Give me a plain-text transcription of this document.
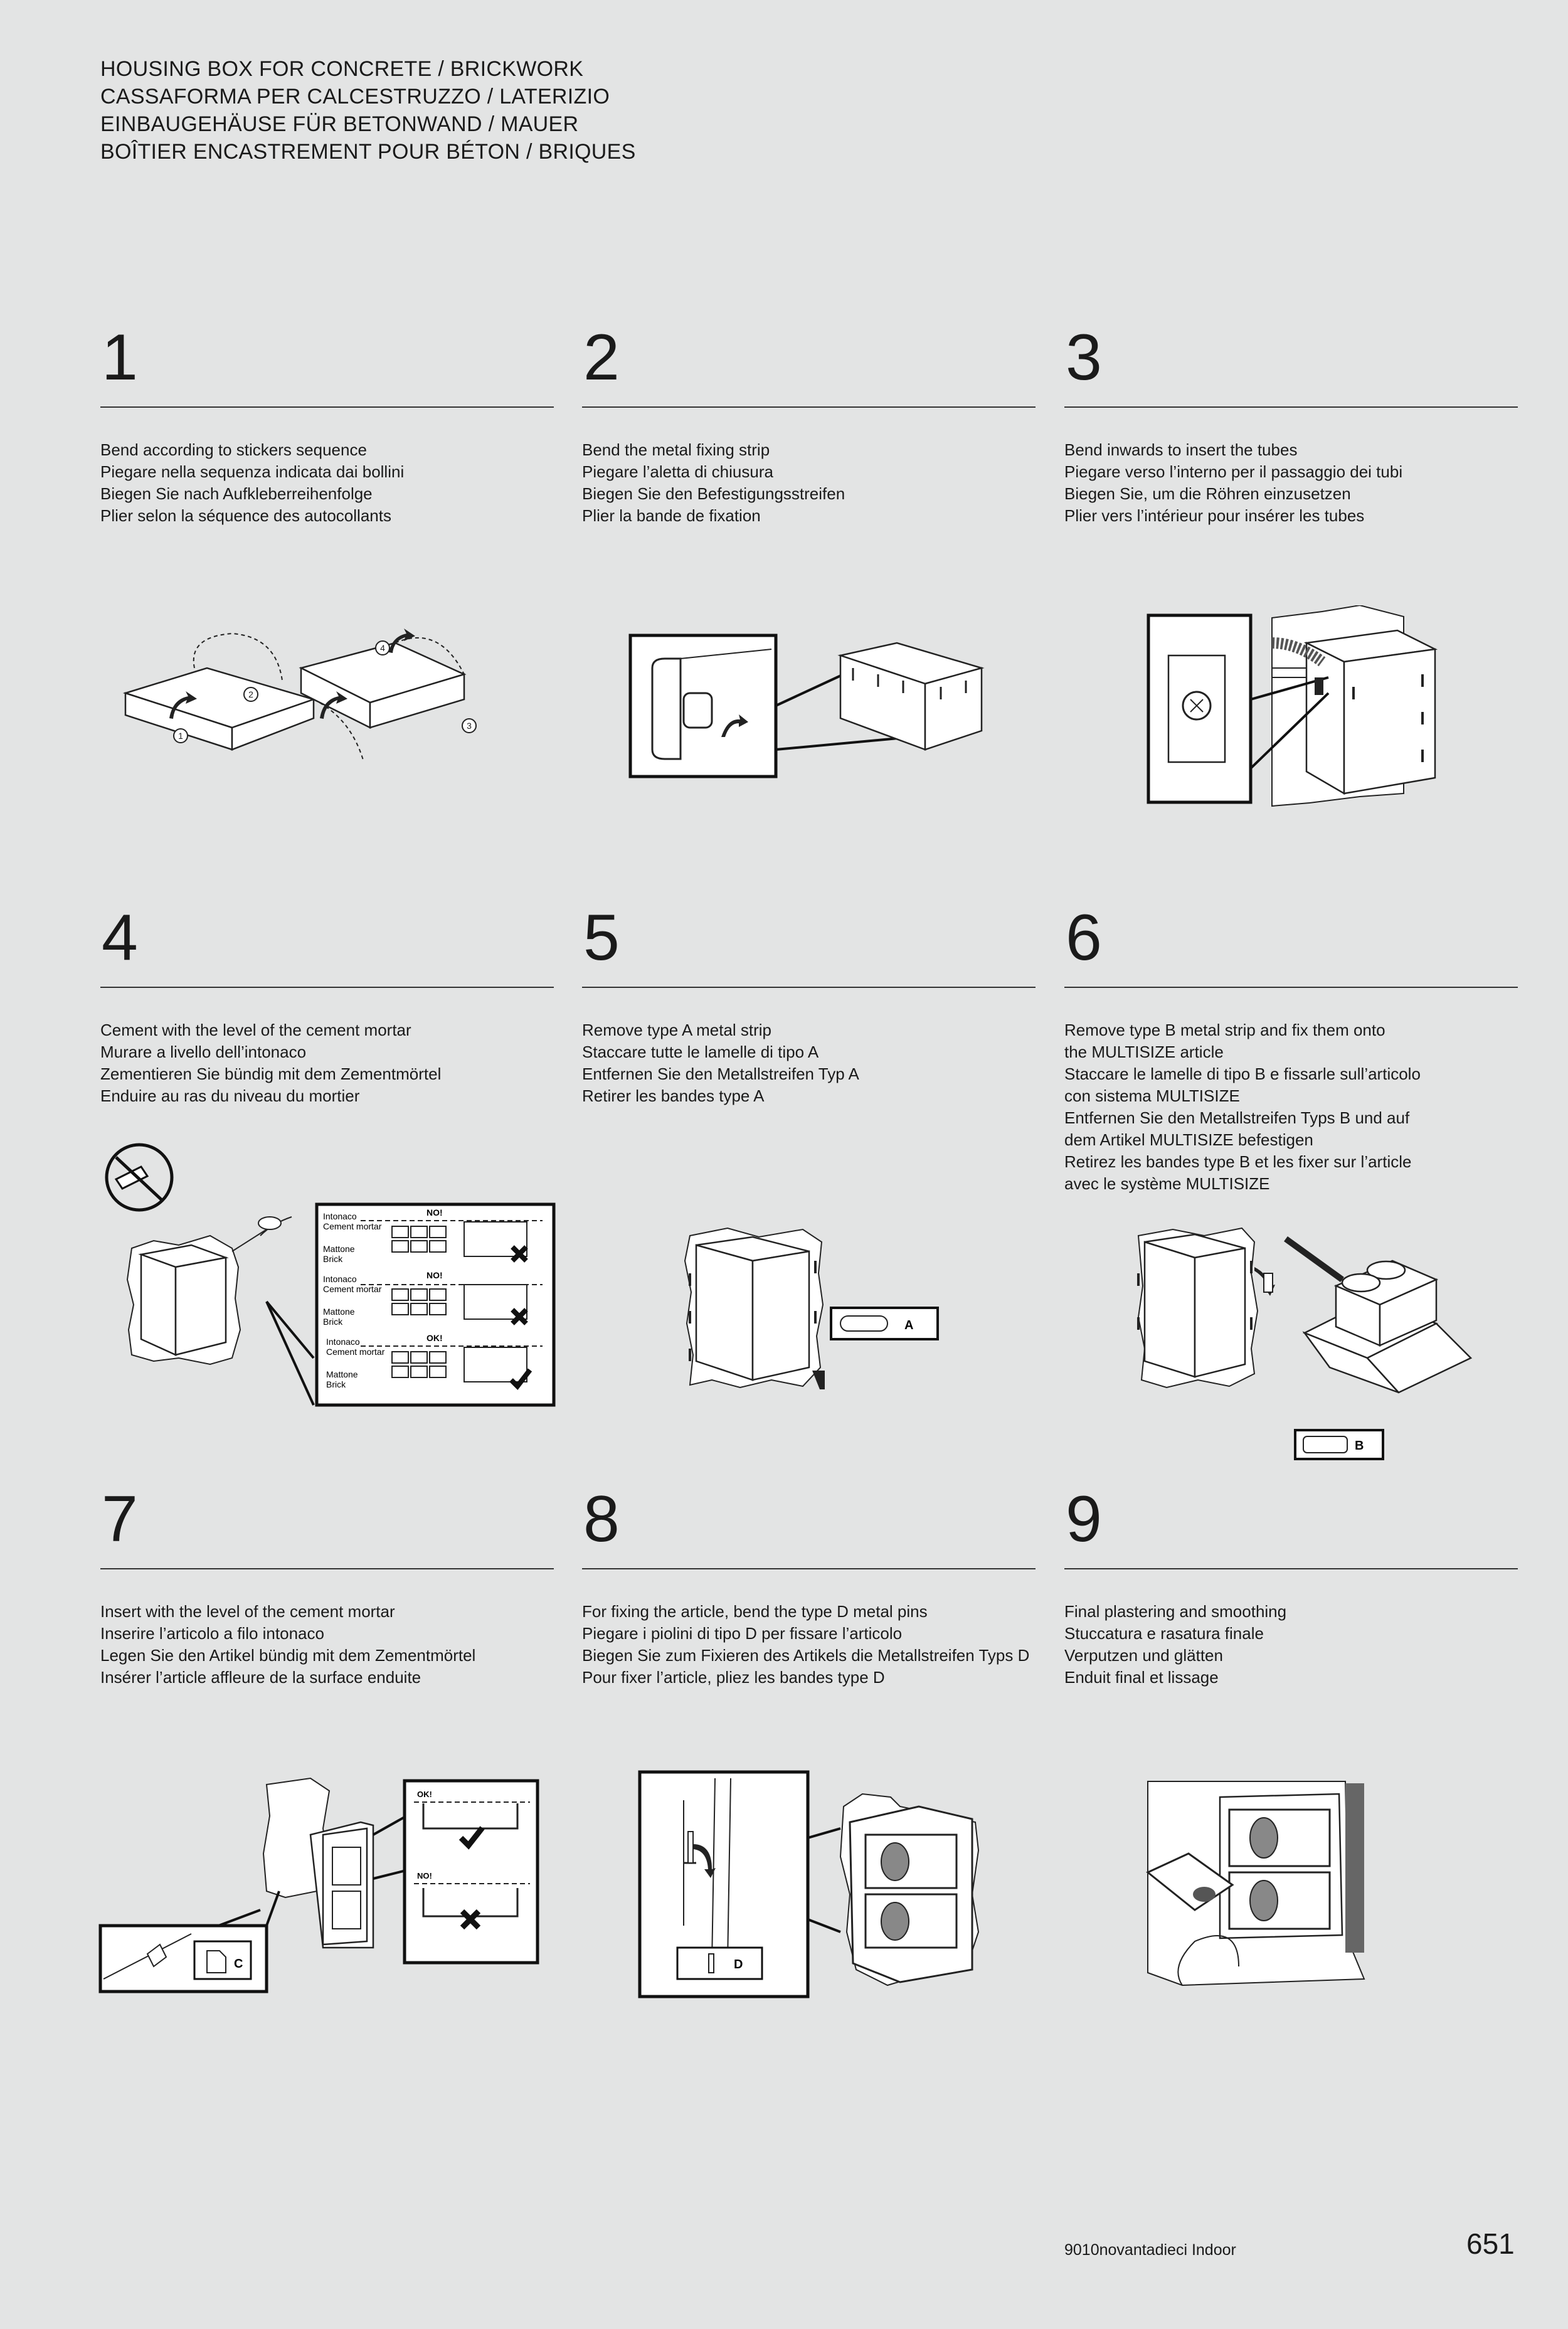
HOUSING BOX FOR CONCRETE / BRICKWORK

CASSAFORMA PER CALCESTRUZZO / LATERIZIO

EINBAUGEHÄUSE FÜR BETONWAND / MAUER

BOÎTIER ENCASTREMENT POUR BÉTON / BRIQUES

1

Bend according to stickers sequence

Piegare nella sequenza indicata dai bollini

Biegen Sie nach Aufkleberreihenfolge

Plier selon la séquence des autocollants

2

Bend the metal fixing strip

Piegare l’aletta di chiusura

Biegen Sie den Befestigungsstreifen

Plier la bande de fixation

3

Bend inwards to insert the tubes

Piegare verso l’interno per il passaggio dei tubi

Biegen Sie, um die Röhren einzusetzen

Plier vers l’intérieur pour insérer les tubes

4

Cement with the level of the cement mortar

Murare a livello dell’intonaco

Zementieren Sie bündig mit dem Zementmörtel

Enduire au ras du niveau du mortier

5

Remove type A metal strip

Staccare tutte le lamelle di tipo A

Entfernen Sie den Metallstreifen Typ A

Retirer les bandes type A

6

Remove type B metal strip and fix them onto

the MULTISIZE article

Staccare le lamelle di tipo B e fissarle sull’articolo

con sistema MULTISIZE

Entfernen Sie den Metallstreifen Typs B und auf

dem Artikel MULTISIZE befestigen

Retirez les bandes type B et les fixer sur l’article

avec le système MULTISIZE

7

Insert with the level of the cement mortar

Inserire l’articolo a filo intonaco

Legen Sie den Artikel bündig mit dem Zementmörtel

Insérer l’article affleure de la surface enduite

8

For fixing the article, bend the type D metal pins

Piegare i piolini di tipo D per fissare l’articolo

Biegen Sie zum Fixieren des Artikels die Metallstreifen Typs D

Pour fixer l’article, pliez les bandes type D

9

Final plastering and smoothing

Stuccatura e rasatura finale

Verputzen und glätten

Enduit final et lissage

1
2
3
4
Intonaco
Cement mortar
Mattone
Brick
NO!
Intonaco
Cement mortar
Mattone
Brick
NO!
Intonaco
Cement mortar
Mattone
Brick
OK!
A
B
OK!
NO!
C	D
9010novantadieci Indoor	651
